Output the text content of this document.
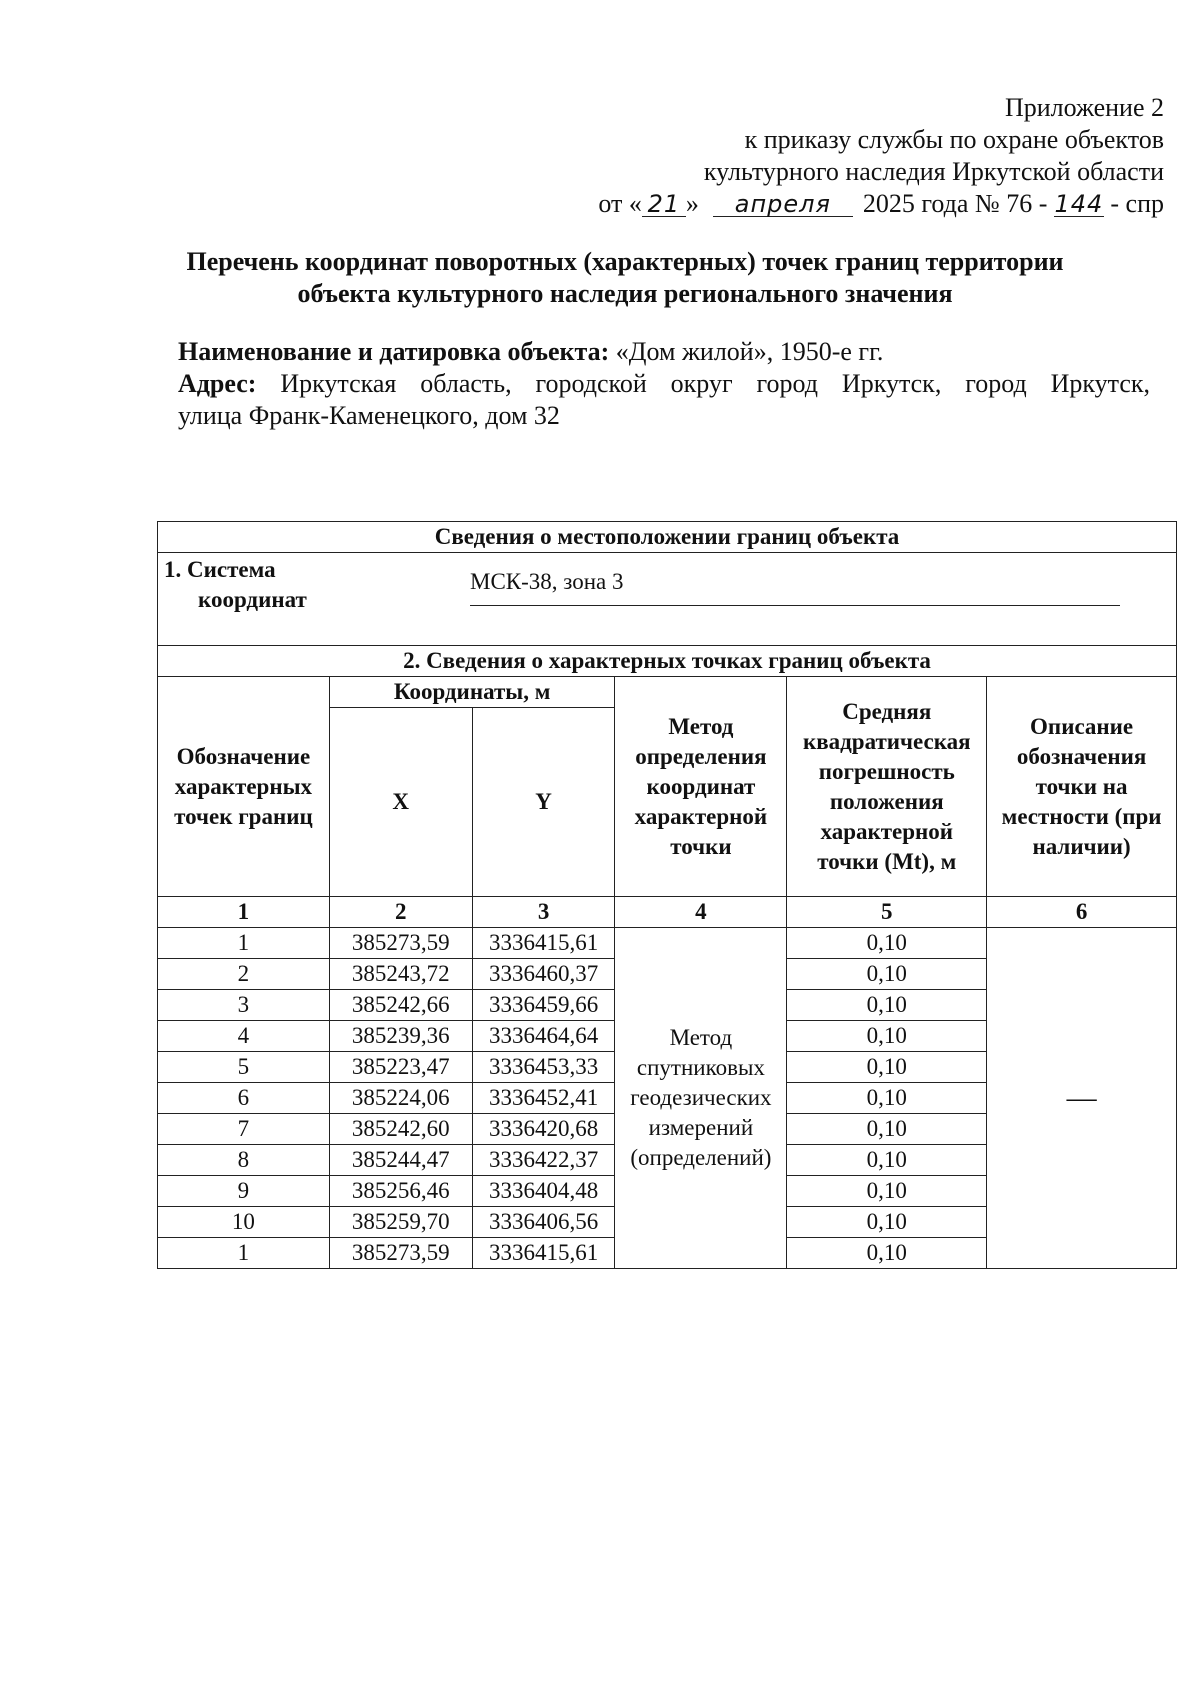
Приложение 2
к приказу службы по охране объектов
культурного наследия Иркутской области
от « 21 » апреля 2025 года № 76 - 144 - спр
Перечень координат поворотных (характерных) точек границ территории
объекта культурного наследия регионального значения

Наименование и датировка объекта: «Дом жилой», 1950-е гг.

Адрес: Иркутская область, городской округ город Иркутск, город Иркутск,

улица Франк-Каменецкого, дом 32

Сведения о местоположении границ объекта					

1. Система
координат
МСК-38, зона 3					

2. Сведения о характерных точках границ объекта					
Обозначение характерных точек границ	Координаты, м		Метод определения координат характерной точки	Средняя квадратическая погрешность положения характерной точки (Mt), м	Описание обозначения точки на местности (при наличии)
	X	Y			
1	2	3	4	5	6
1	385273,59	3336415,61	Метод спутниковых геодезических измерений (определений)	0,10	—
2	385243,72	3336460,37		0,10	
3	385242,66	3336459,66		0,10	
4	385239,36	3336464,64		0,10	
5	385223,47	3336453,33		0,10	
6	385224,06	3336452,41		0,10	
7	385242,60	3336420,68		0,10	
8	385244,47	3336422,37		0,10	
9	385256,46	3336404,48		0,10	
10	385259,70	3336406,56		0,10	
1	385273,59	3336415,61		0,10	
